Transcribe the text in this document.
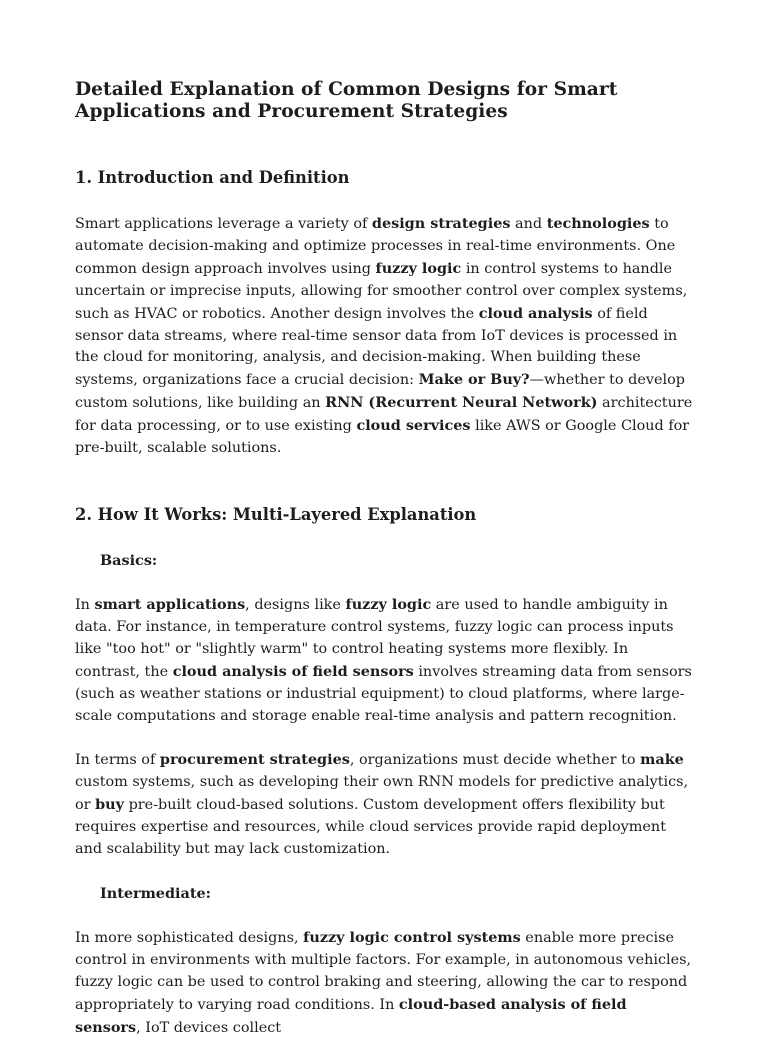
Detailed Explanation of Common Designs for Smart Applications and Procurement Strategies
1. Introduction and Definition

Smart applications leverage a variety of design strategies and technologies to automate decision-making and optimize processes in real-time environments. One common design approach involves using fuzzy logic in control systems to handle uncertain or imprecise inputs, allowing for smoother control over complex systems, such as HVAC or robotics. Another design involves the cloud analysis of field sensor data streams, where real-time sensor data from IoT devices is processed in the cloud for monitoring, analysis, and decision-making. When building these systems, organizations face a crucial decision: Make or Buy?—whether to develop custom solutions, like building an RNN (Recurrent Neural Network) architecture for data processing, or to use existing cloud services like AWS or Google Cloud for pre-built, scalable solutions.

2. How It Works: Multi-Layered Explanation
Basics:

In smart applications, designs like fuzzy logic are used to handle ambiguity in data. For instance, in temperature control systems, fuzzy logic can process inputs like "too hot" or "slightly warm" to control heating systems more flexibly. In contrast, the cloud analysis of field sensors involves streaming data from sensors (such as weather stations or industrial equipment) to cloud platforms, where large-scale computations and storage enable real-time analysis and pattern recognition.

In terms of procurement strategies, organizations must decide whether to make custom systems, such as developing their own RNN models for predictive analytics, or buy pre-built cloud-based solutions. Custom development offers flexibility but requires expertise and resources, while cloud services provide rapid deployment and scalability but may lack customization.

Intermediate:

In more sophisticated designs, fuzzy logic control systems enable more precise control in environments with multiple factors. For example, in autonomous vehicles, fuzzy logic can be used to control braking and steering, allowing the car to respond appropriately to varying road conditions. In cloud-based analysis of field sensors, IoT devices collect
